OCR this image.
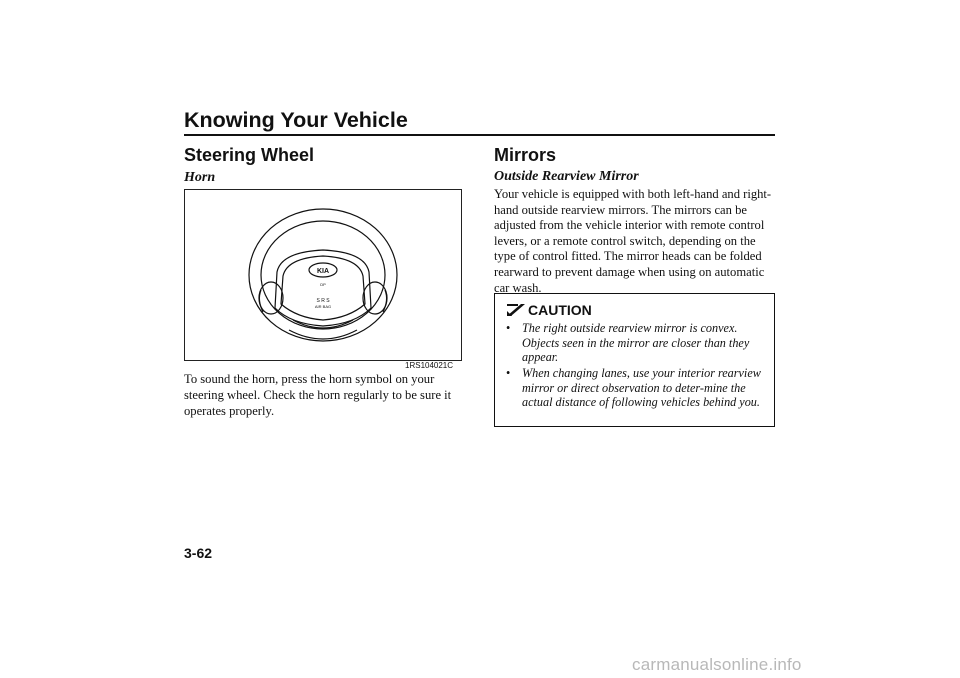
Knowing Your Vehicle
Steering Wheel
Horn
KIA
DP
S R S
AIR BAG
1RS104021C
To sound the horn, press the horn symbol on your steering wheel. Check the horn regularly to be sure it operates properly.
Mirrors
Outside Rearview Mirror
Your vehicle is equipped with both left-hand and right-hand outside rearview mirrors. The mirrors can be adjusted from the vehicle interior with remote control levers, or a remote control switch, depending on the type of control fitted. The mirror heads can be folded rearward to prevent damage when using on automatic car wash.
CAUTION
• The right outside rearview mirror is convex. Objects seen in the mirror are closer than they appear.
• When changing lanes, use your interior rearview mirror or direct observation to deter-mine the actual distance of following vehicles behind you.
3-62
carmanualsonline.info
